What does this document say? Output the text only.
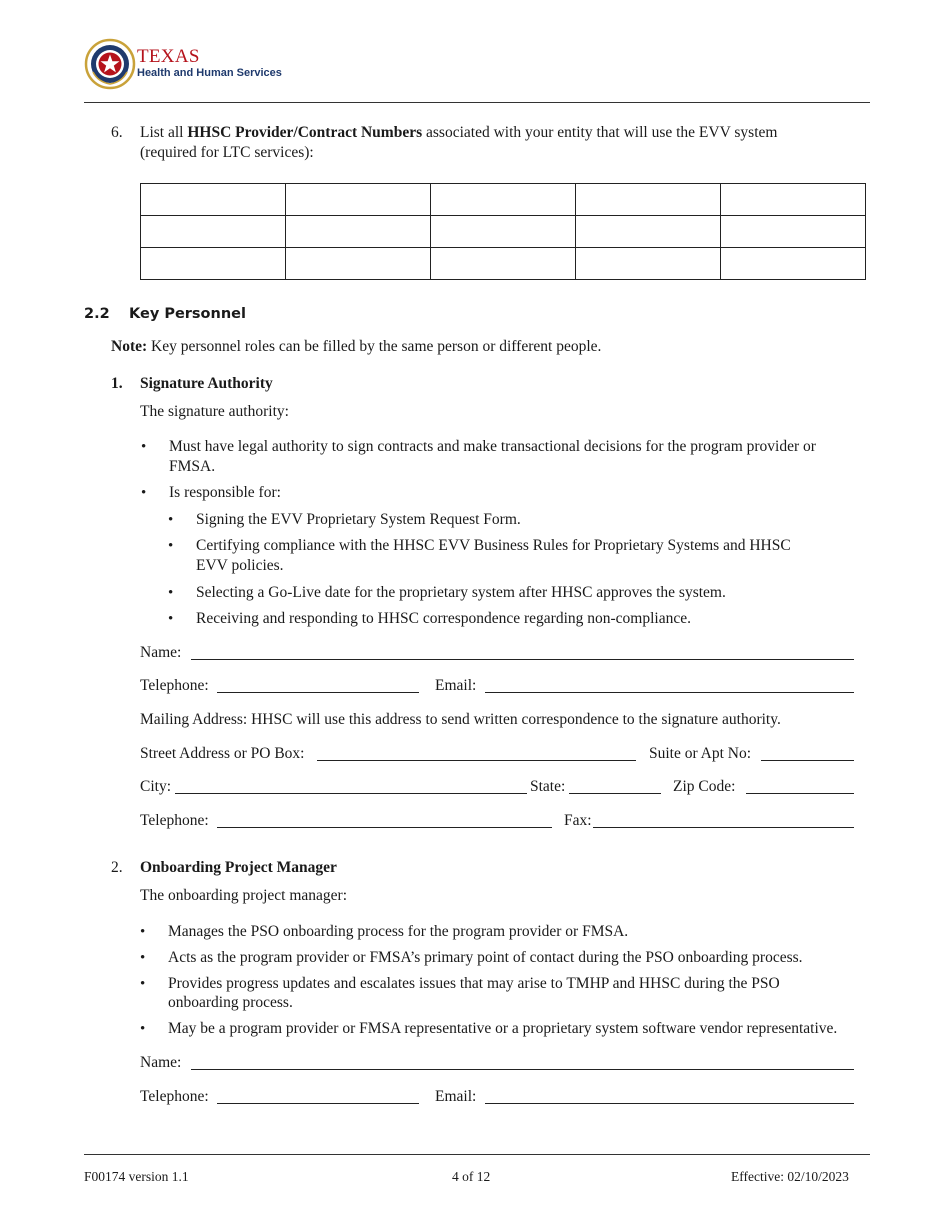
TEXAS
Health and Human Services
6. List all HHSC Provider/Contract Numbers associated with your entity that will use the EVV system
(required for LTC services):

2.2 Key Personnel
Note: Key personnel roles can be filled by the same person or different people.
1. Signature Authority
The signature authority:
• Must have legal authority to sign contracts and make transactional decisions for the program provider or
FMSA.
• Is responsible for:
• Signing the EVV Proprietary System Request Form.
• Certifying compliance with the HHSC EVV Business Rules for Proprietary Systems and HHSC
EVV policies.
• Selecting a Go-Live date for the proprietary system after HHSC approves the system.
• Receiving and responding to HHSC correspondence regarding non-compliance.
Name:
Telephone:	Email:
Mailing Address: HHSC will use this address to send written correspondence to the signature authority.
Street Address or PO Box:	Suite or Apt No:
City:	State:	Zip Code:
Telephone:	Fax:
2. Onboarding Project Manager
The onboarding project manager:
• Manages the PSO onboarding process for the program provider or FMSA.
• Acts as the program provider or FMSA’s primary point of contact during the PSO onboarding process.
• Provides progress updates and escalates issues that may arise to TMHP and HHSC during the PSO
onboarding process.
• May be a program provider or FMSA representative or a proprietary system software vendor representative.
Name:
Telephone:	Email:
F00174 version 1.1	4 of 12	Effective: 02/10/2023
